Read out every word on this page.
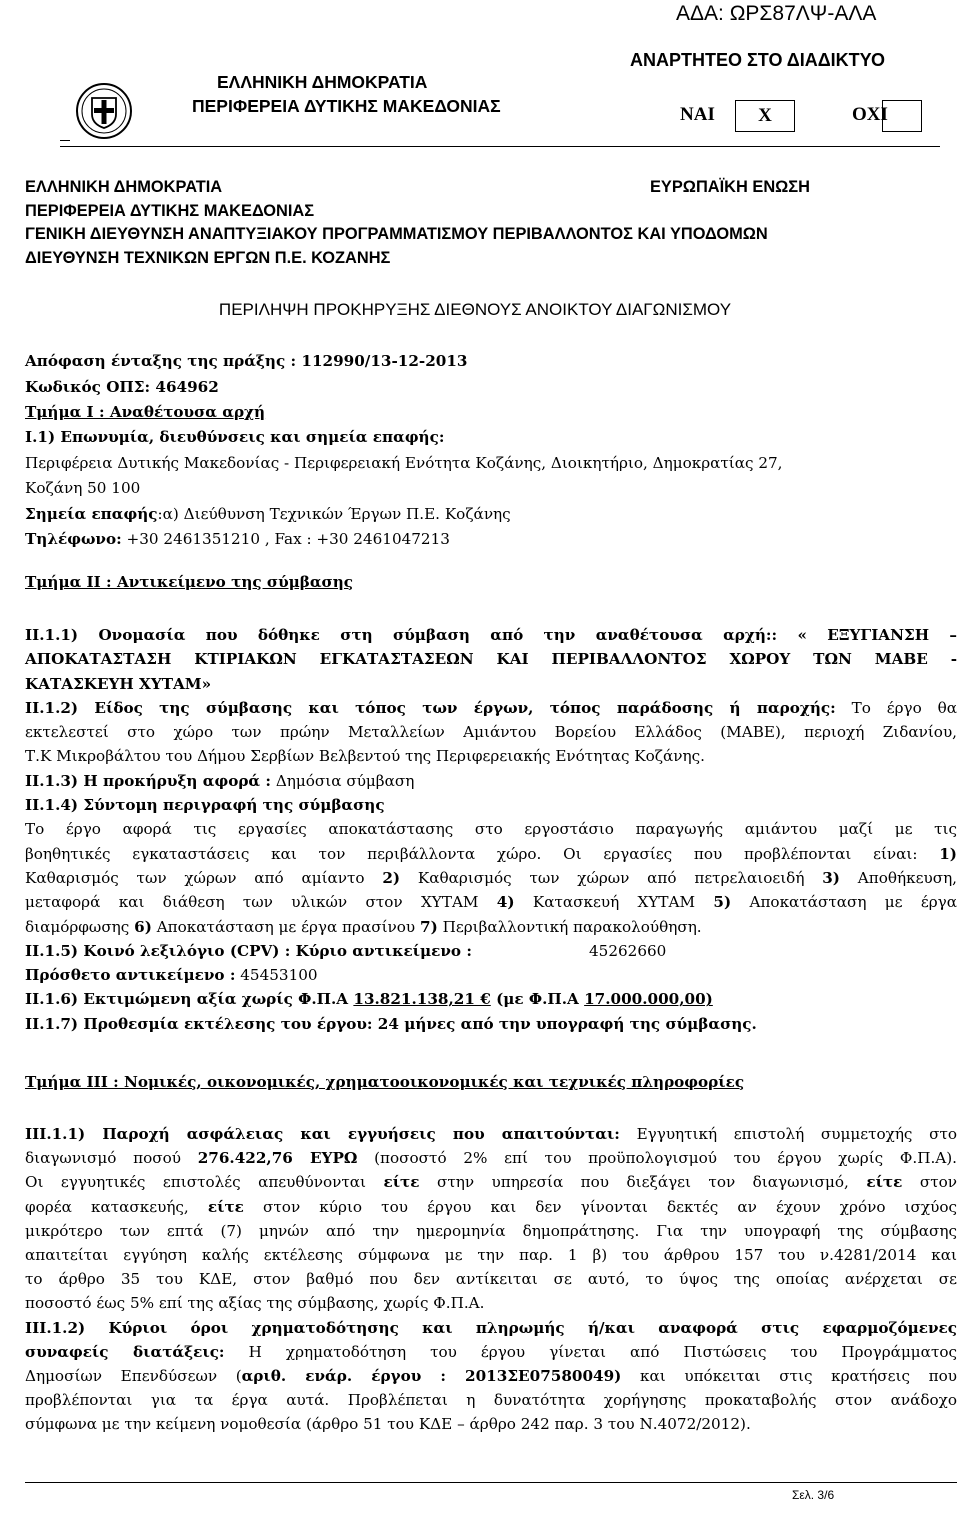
ΑΔΑ: ΩΡΣ87ΛΨ-ΑΛΑ
ΕΛΛΗΝΙΚΗ ΔΗΜΟΚΡΑΤΙΑ
ΠΕΡΙΦΕΡΕΙΑ ΔΥΤΙΚΗΣ ΜΑΚΕΔΟΝΙΑΣ
ΑΝΑΡΤΗΤΕΟ ΣΤΟ ΔΙΑΔΙΚΤΥΟ
ΝΑΙ	X	ΟΧΙ
ΕΛΛΗΝΙΚΗ ΔΗΜΟΚΡΑΤΙΑ	ΕΥΡΩΠΑΪΚΗ ΕΝΩΣΗ
ΠΕΡΙΦΕΡΕΙΑ ΔΥΤΙΚΗΣ ΜΑΚΕΔΟΝΙΑΣ
ΓΕΝΙΚΗ ΔΙΕΥΘΥΝΣΗ ΑΝΑΠΤΥΞΙΑΚΟΥ ΠΡΟΓΡΑΜΜΑΤΙΣΜΟΥ ΠΕΡΙΒΑΛΛΟΝΤΟΣ ΚΑΙ ΥΠΟΔΟΜΩΝ
ΔΙΕΥΘΥΝΣΗ ΤΕΧΝΙΚΩΝ ΕΡΓΩΝ Π.Ε. ΚΟΖΑΝΗΣ
ΠΕΡΙΛΗΨΗ ΠΡΟΚΗΡΥΞΗΣ ΔΙΕΘΝΟΥΣ ΑΝΟΙΚΤΟΥ ΔΙΑΓΩΝΙΣΜΟΥ
Απόφαση ένταξης της πράξης : 112990/13-12-2013
Κωδικός ΟΠΣ: 464962
Τμήμα Ι : Αναθέτουσα αρχή
Ι.1) Επωνυμία, διευθύνσεις και σημεία επαφής:
Περιφέρεια Δυτικής Μακεδονίας - Περιφερειακή Ενότητα Κοζάνης, Διοικητήριο, Δημοκρατίας 27,
Κοζάνη 50 100
Σημεία επαφής:α) Διεύθυνση Τεχνικών Έργων Π.Ε. Κοζάνης
Τηλέφωνο: +30 2461351210 , Fax : +30 2461047213
Τμήμα ΙΙ : Αντικείμενο της σύμβασης
ΙΙ.1.1) Ονομασία που δόθηκε στη σύμβαση από την αναθέτουσα αρχή:: « ΕΞΥΓΙΑΝΣΗ –
ΑΠΟΚΑΤΑΣΤΑΣΗ ΚΤΙΡΙΑΚΩΝ ΕΓΚΑΤΑΣΤΑΣΕΩΝ ΚΑΙ ΠΕΡΙΒΑΛΛΟΝΤΟΣ ΧΩΡΟΥ ΤΩΝ ΜΑΒΕ -
ΚΑΤΑΣΚΕΥΗ ΧΥΤΑΜ»
ΙΙ.1.2) Είδος της σύμβασης και τόπος των έργων, τόπος παράδοσης ή παροχής: Το έργο θα
εκτελεστεί στο χώρο των πρώην Μεταλλείων Αμιάντου Βορείου Ελλάδος (ΜΑΒΕ), περιοχή Ζιδανίου,
Τ.Κ Μικροβάλτου του Δήμου Σερβίων Βελβεντού της Περιφερειακής Ενότητας Κοζάνης.
ΙΙ.1.3) Η προκήρυξη αφορά : Δημόσια σύμβαση
ΙΙ.1.4) Σύντομη περιγραφή της σύμβασης
Το έργο αφορά τις εργασίες αποκατάστασης στο εργοστάσιο παραγωγής αμιάντου μαζί με τις
βοηθητικές εγκαταστάσεις και τον περιβάλλοντα χώρο. Οι εργασίες που προβλέπονται είναι: 1)
Καθαρισμός των χώρων από αμίαντο 2) Καθαρισμός των χώρων από πετρελαιοειδή 3) Αποθήκευση,
μεταφορά και διάθεση των υλικών στον ΧΥΤΑΜ 4) Κατασκευή ΧΥΤΑΜ 5) Αποκατάσταση με έργα
διαμόρφωσης 6) Αποκατάσταση με έργα πρασίνου 7) Περιβαλλοντική παρακολούθηση.
ΙΙ.1.5) Κοινό λεξιλόγιο (CPV) : Κύριο αντικείμενο :	45262660
Πρόσθετο αντικείμενο : 45453100
ΙΙ.1.6) Εκτιμώμενη αξία χωρίς Φ.Π.Α 13.821.138,21 € (με Φ.Π.Α 17.000.000,00)
ΙΙ.1.7) Προθεσμία εκτέλεσης του έργου: 24 μήνες από την υπογραφή της σύμβασης.
Τμήμα ΙΙΙ : Νομικές, οικονομικές, χρηματοοικονομικές και τεχνικές πληροφορίες
ΙΙΙ.1.1) Παροχή ασφάλειας και εγγυήσεις που απαιτούνται: Εγγυητική επιστολή συμμετοχής στο
διαγωνισμό ποσού 276.422,76 ΕΥΡΩ (ποσοστό 2% επί του προϋπολογισμού του έργου χωρίς Φ.Π.Α).
Οι εγγυητικές επιστολές απευθύνονται είτε στην υπηρεσία που διεξάγει τον διαγωνισμό, είτε στον
φορέα κατασκευής, είτε στον κύριο του έργου και δεν γίνονται δεκτές αν έχουν χρόνο ισχύος
μικρότερο των επτά (7) μηνών από την ημερομηνία δημοπράτησης. Για την υπογραφή της σύμβασης
απαιτείται εγγύηση καλής εκτέλεσης σύμφωνα με την παρ. 1 β) του άρθρου 157 του ν.4281/2014 και
το άρθρο 35 του ΚΔΕ, στον βαθμό που δεν αντίκειται σε αυτό, το ύψος της οποίας ανέρχεται σε
ποσοστό έως 5% επί της αξίας της σύμβασης, χωρίς Φ.Π.Α.
ΙΙΙ.1.2) Κύριοι όροι χρηματοδότησης και πληρωμής ή/και αναφορά στις εφαρμοζόμενες
συναφείς διατάξεις: Η χρηματοδότηση του έργου γίνεται από Πιστώσεις του Προγράμματος
Δημοσίων Επενδύσεων (αριθ. ενάρ. έργου : 2013ΣΕ07580049) και υπόκειται στις κρατήσεις που
προβλέπονται για τα έργα αυτά. Προβλέπεται η δυνατότητα χορήγησης προκαταβολής στον ανάδοχο
σύμφωνα με την κείμενη νομοθεσία (άρθρο 51 του ΚΔΕ – άρθρο 242 παρ. 3 του Ν.4072/2012).
Σελ. 3/6
